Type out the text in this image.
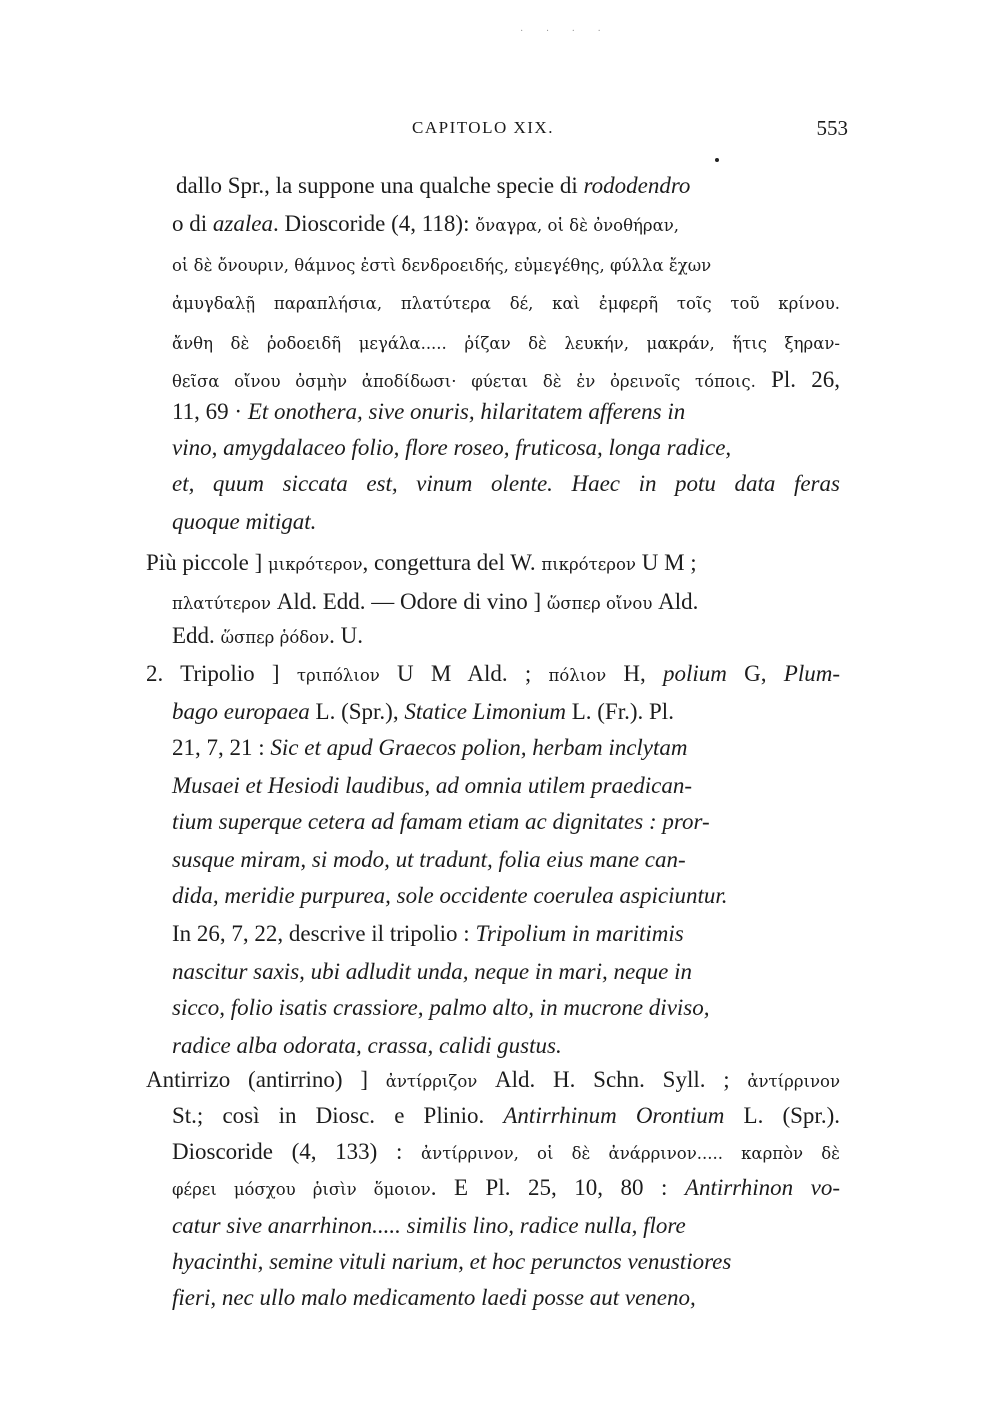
· · · ·
CAPITOLO XIX.	553
dallo Spr., la suppone una qualche specie di rododendro
o di azalea. Dioscoride (4, 118): ὄναγρα, οἱ δὲ ὀνοθήραν,
οἱ δὲ ὄνουριν, θάμνος ἐστὶ δενδροειδής, εὐμεγέθης, φύλλα ἔχων
ἀμυγδαλῇ παραπλήσια, πλατύτερα δέ, καὶ ἐμφερῆ τοῖς τοῦ κρίνου.
ἄνθη δὲ ῥοδοειδῆ μεγάλα..... ῥίζαν δὲ λευκήν, μακράν, ἥτις ξηραν-
θεῖσα οἴνου ὀσμὴν ἀποδίδωσι· φύεται δὲ ἐν ὀρεινοῖς τόποις. Pl. 26,
11, 69 · Et onothera, sive onuris, hilaritatem afferens in
vino, amygdalaceo folio, flore roseo, fruticosa, longa radice,
et, quum siccata est, vinum olente. Haec in potu data feras
quoque mitigat.
Più piccole ] μικρότερον, congettura del W. πικρότερον U M ;
πλατύτερον Ald. Edd. — Odore di vino ] ὥσπερ οἴνου Ald.
Edd. ὥσπερ ῥόδον. U.
2. Tripolio ] τριπόλιον U M Ald. ; πόλιον H, polium G, Plum-
bago europaea L. (Spr.), Statice Limonium L. (Fr.). Pl.
21, 7, 21 : Sic et apud Graecos polion, herbam inclytam
Musaei et Hesiodi laudibus, ad omnia utilem praedican-
tium superque cetera ad famam etiam ac dignitates : pror-
susque miram, si modo, ut tradunt, folia eius mane can-
dida, meridie purpurea, sole occidente coerulea aspiciuntur.
In 26, 7, 22, descrive il tripolio : Tripolium in maritimis
nascitur saxis, ubi adludit unda, neque in mari, neque in
sicco, folio isatis crassiore, palmo alto, in mucrone diviso,
radice alba odorata, crassa, calidi gustus.
Antirrizo (antirrino) ] ἀντίρριζον Ald. H. Schn. Syll. ; ἀντίρρινον
St.; così in Diosc. e Plinio. Antirrhinum Orontium L. (Spr.).
Dioscoride (4, 133) : ἀντίρρινον, οἱ δὲ ἀνάρρινον..... καρπὸν δὲ
φέρει μόσχου ῥισὶν ὅμοιον. E Pl. 25, 10, 80 : Antirrhinon vo-
catur sive anarrhinon..... similis lino, radice nulla, flore
hyacinthi, semine vituli narium, et hoc perunctos venustiores
fieri, nec ullo malo medicamento laedi posse aut veneno,
